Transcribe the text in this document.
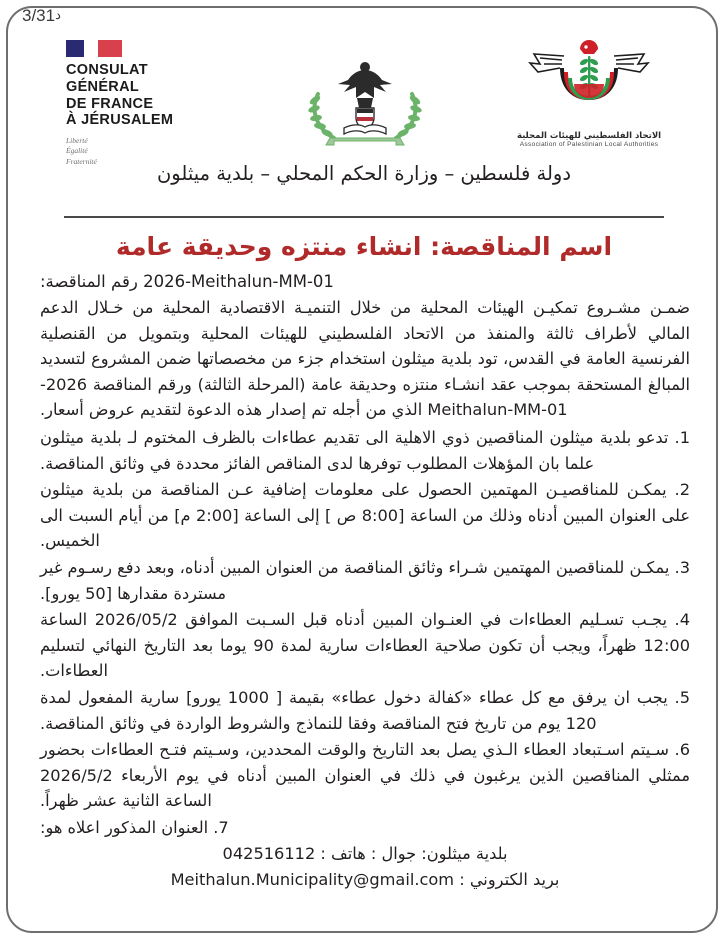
د3/31
CONSULAT
GÉNÉRAL
DE FRANCE
À JÉRUSALEM
Liberté
Égalité
Fraternité
الاتحاد الفلسطيني للهيئات المحلية
Association of Palestinian Local Authorities
دولة فلسطين – وزارة الحكم المحلي – بلدية ميثلون
اسم المناقصة: انشاء منتزه وحديقة عامة
2026-Meithalun-MM-01 رقم المناقصة:

ضمـن مشـروع تمكيـن الهيئات المحلية من خلال التنميـة الاقتصادية المحلية من خـلال الدعم المالي لأطراف ثالثة والمنفذ من الاتحاد الفلسطيني للهيئات المحلية وبتمويل من القنصلية الفرنسية العامة في القدس، تود بلدية ميثلون استخدام جزء من مخصصاتها ضمن المشروع لتسديد المبالغ المستحقة بموجب عقد انشـاء منتزه وحديقة عامة (المرحلة الثالثة) ورقم المناقصة 2026-Meithalun-MM-01 الذي من أجله تم إصدار هذه الدعوة لتقديم عروض أسعار.

1. تدعو بلدية ميثلون المناقصين ذوي الاهلية الى تقديم عطاءات بالظرف المختوم لـ بلدية ميثلون علما بان المؤهلات المطلوب توفرها لدى المناقص الفائز محددة في وثائق المناقصة.
2. يمكـن للمناقصيـن المهتمين الحصول على معلومات إضافية عـن المناقصة من بلدية ميثلون على العنوان المبين أدناه وذلك من الساعة [8:00 ص ] إلى الساعة [2:00 م] من أيام السبت الى الخميس.
3. يمكـن للمناقصين المهتمين شـراء وثائق المناقصة من العنوان المبين أدناه، وبعد دفع رسـوم غير مستردة مقدارها [50 يورو].
4. يجـب تسـليم العطاءات في العنـوان المبين أدناه قبل السـبت الموافق 2026/05/2 الساعة 12:00 ظهراً، ويجب أن تكون صلاحية العطاءات سارية لمدة 90 يوما بعد التاريخ النهائي لتسليم العطاءات.
5. يجب ان يرفق مع كل عطاء «كفالة دخول عطاء» بقيمة [ 1000 يورو] سارية المفعول لمدة 120 يوم من تاريخ فتح المناقصة وفقا للنماذج والشروط الواردة في وثائق المناقصة.
6. سـيتم اسـتبعاد العطاء الـذي يصل بعد التاريخ والوقت المحددين، وسـيتم فتـح العطاءات بحضور ممثلي المناقصين الذين يرغبون في ذلك في العنوان المبين أدناه في يوم الأربعاء 2026/5/2 الساعة الثانية عشر ظهراً.
7. العنوان المذكور اعلاه هو:
بلدية ميثلون: جوال : هاتف : 042516112
بريد الكتروني : Meithalun.Municipality@gmail.com
